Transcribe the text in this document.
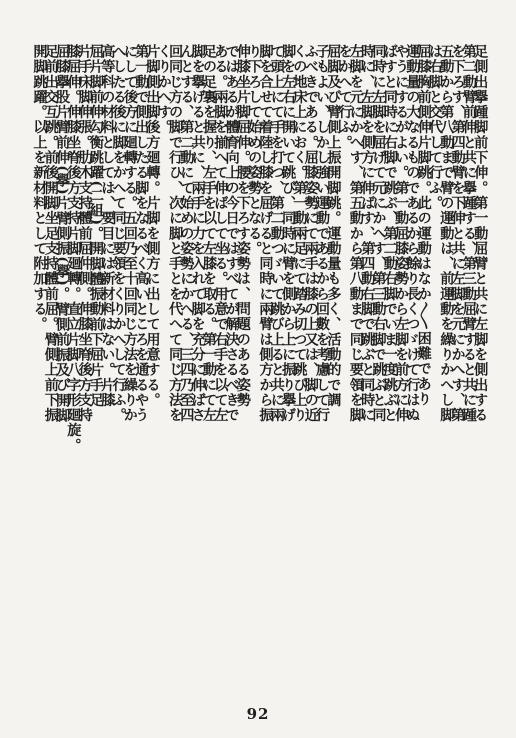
足側出擧踵脚前下伸。第一動屈臂と共に左脚を側出する
第二動臂前伸と共に擧踵する、第三動屈臂すると共に踵
を下ろす、第四動臂を下伸と共に左脚を元にかへす、第
五動から第八動まで臂の運動は、前運動を繰りかへし脚
は右脚と交代して行ふ。
屈膝胸前側伸片脚跳。此の運動はなか〱困難であり
運動量の大なるものであるから餘り長くつゞけて行はぬ
やうにするがよい。第一動屈膝姿勢から左脚を前方に伸
ばすと同時に右脚で跳ぶ、第二動右脚でいま一度跳ぶと
同時に左脚を屈げて元にかへす、第三動右脚で跳ぶと同
時に、左脚を側方に伸ばす、第四動右脚で跳ぶと同時に
左脚を元にかへす、第五動から第八動まで同じ要領を脚
をかへて行ふ。
屈脚及び臂側上振開脚跳。運動量も多く、活動的で調
子もよい、しかし強い運動であるから回數を考慮して行
ふべきである。屈膝姿勢にて兩手は膝の上又は、脚の近
くの地床上におく。第一動兩足にて踏み切つて跳び上り
脚を左右に開いて跳び、同時に臂を側から上に振り擧げ
て頭上にて手を打つ、第二動つゞいて跳び上ると共に兩
脚を合せて着陸し膝を屈げると同時に兩臂は側方から振
り下ろして始めの姿勢となる。
伸膝坐片脚屈伸。腰を下ろす姿勢は、問題のある姿勢
ではあるが體育向上の今日ではすべてが解決さるべきで
ある。兩脚を揃へて伸ばして坐る。用意で右手を以て左
足の足裏を握り、左手を以て左膝を取る。第一動にて左
脚を擧げると共に、兩手に力を入れて脚を充分に伸ばさ
んとする、第二動にて始めの姿勢にかへる、三四乃至四
回同じ方の脚で行ひ、次に脚と手とを代へて同じ方法を
くりかへす。
片脚側出脚後方廻轉。片脚を側方に出して用意する。
第一動で側出したる脚をなるべく高いところを通るやう
にして後方に廻轉する。五回乃至十回同じ方法を繰りか
へしたる後に脚をかへて同じ要領をくりかへして行ふ。
高等科の材料としては、要目には新材料はない。片膝
屈片脚前伸勾衡跳躍(二組)。開脚體振動前下屈片手足
片手床脚伸張。肋木支持體前屈仲側。伸膝坐脊後方支持
膝屈伸。伸膝坐脊後方支持片脚廻轉。直立片脚八字形廻旋。
屈膝擧股片臂前伸(擧)片臂側振(擧)。臂側前振及び開脚
足前出交互跳。前後開脚坐足支持體前屈。臂側上前下振
開脚跳躍。以上を新材料として附加する。
92
